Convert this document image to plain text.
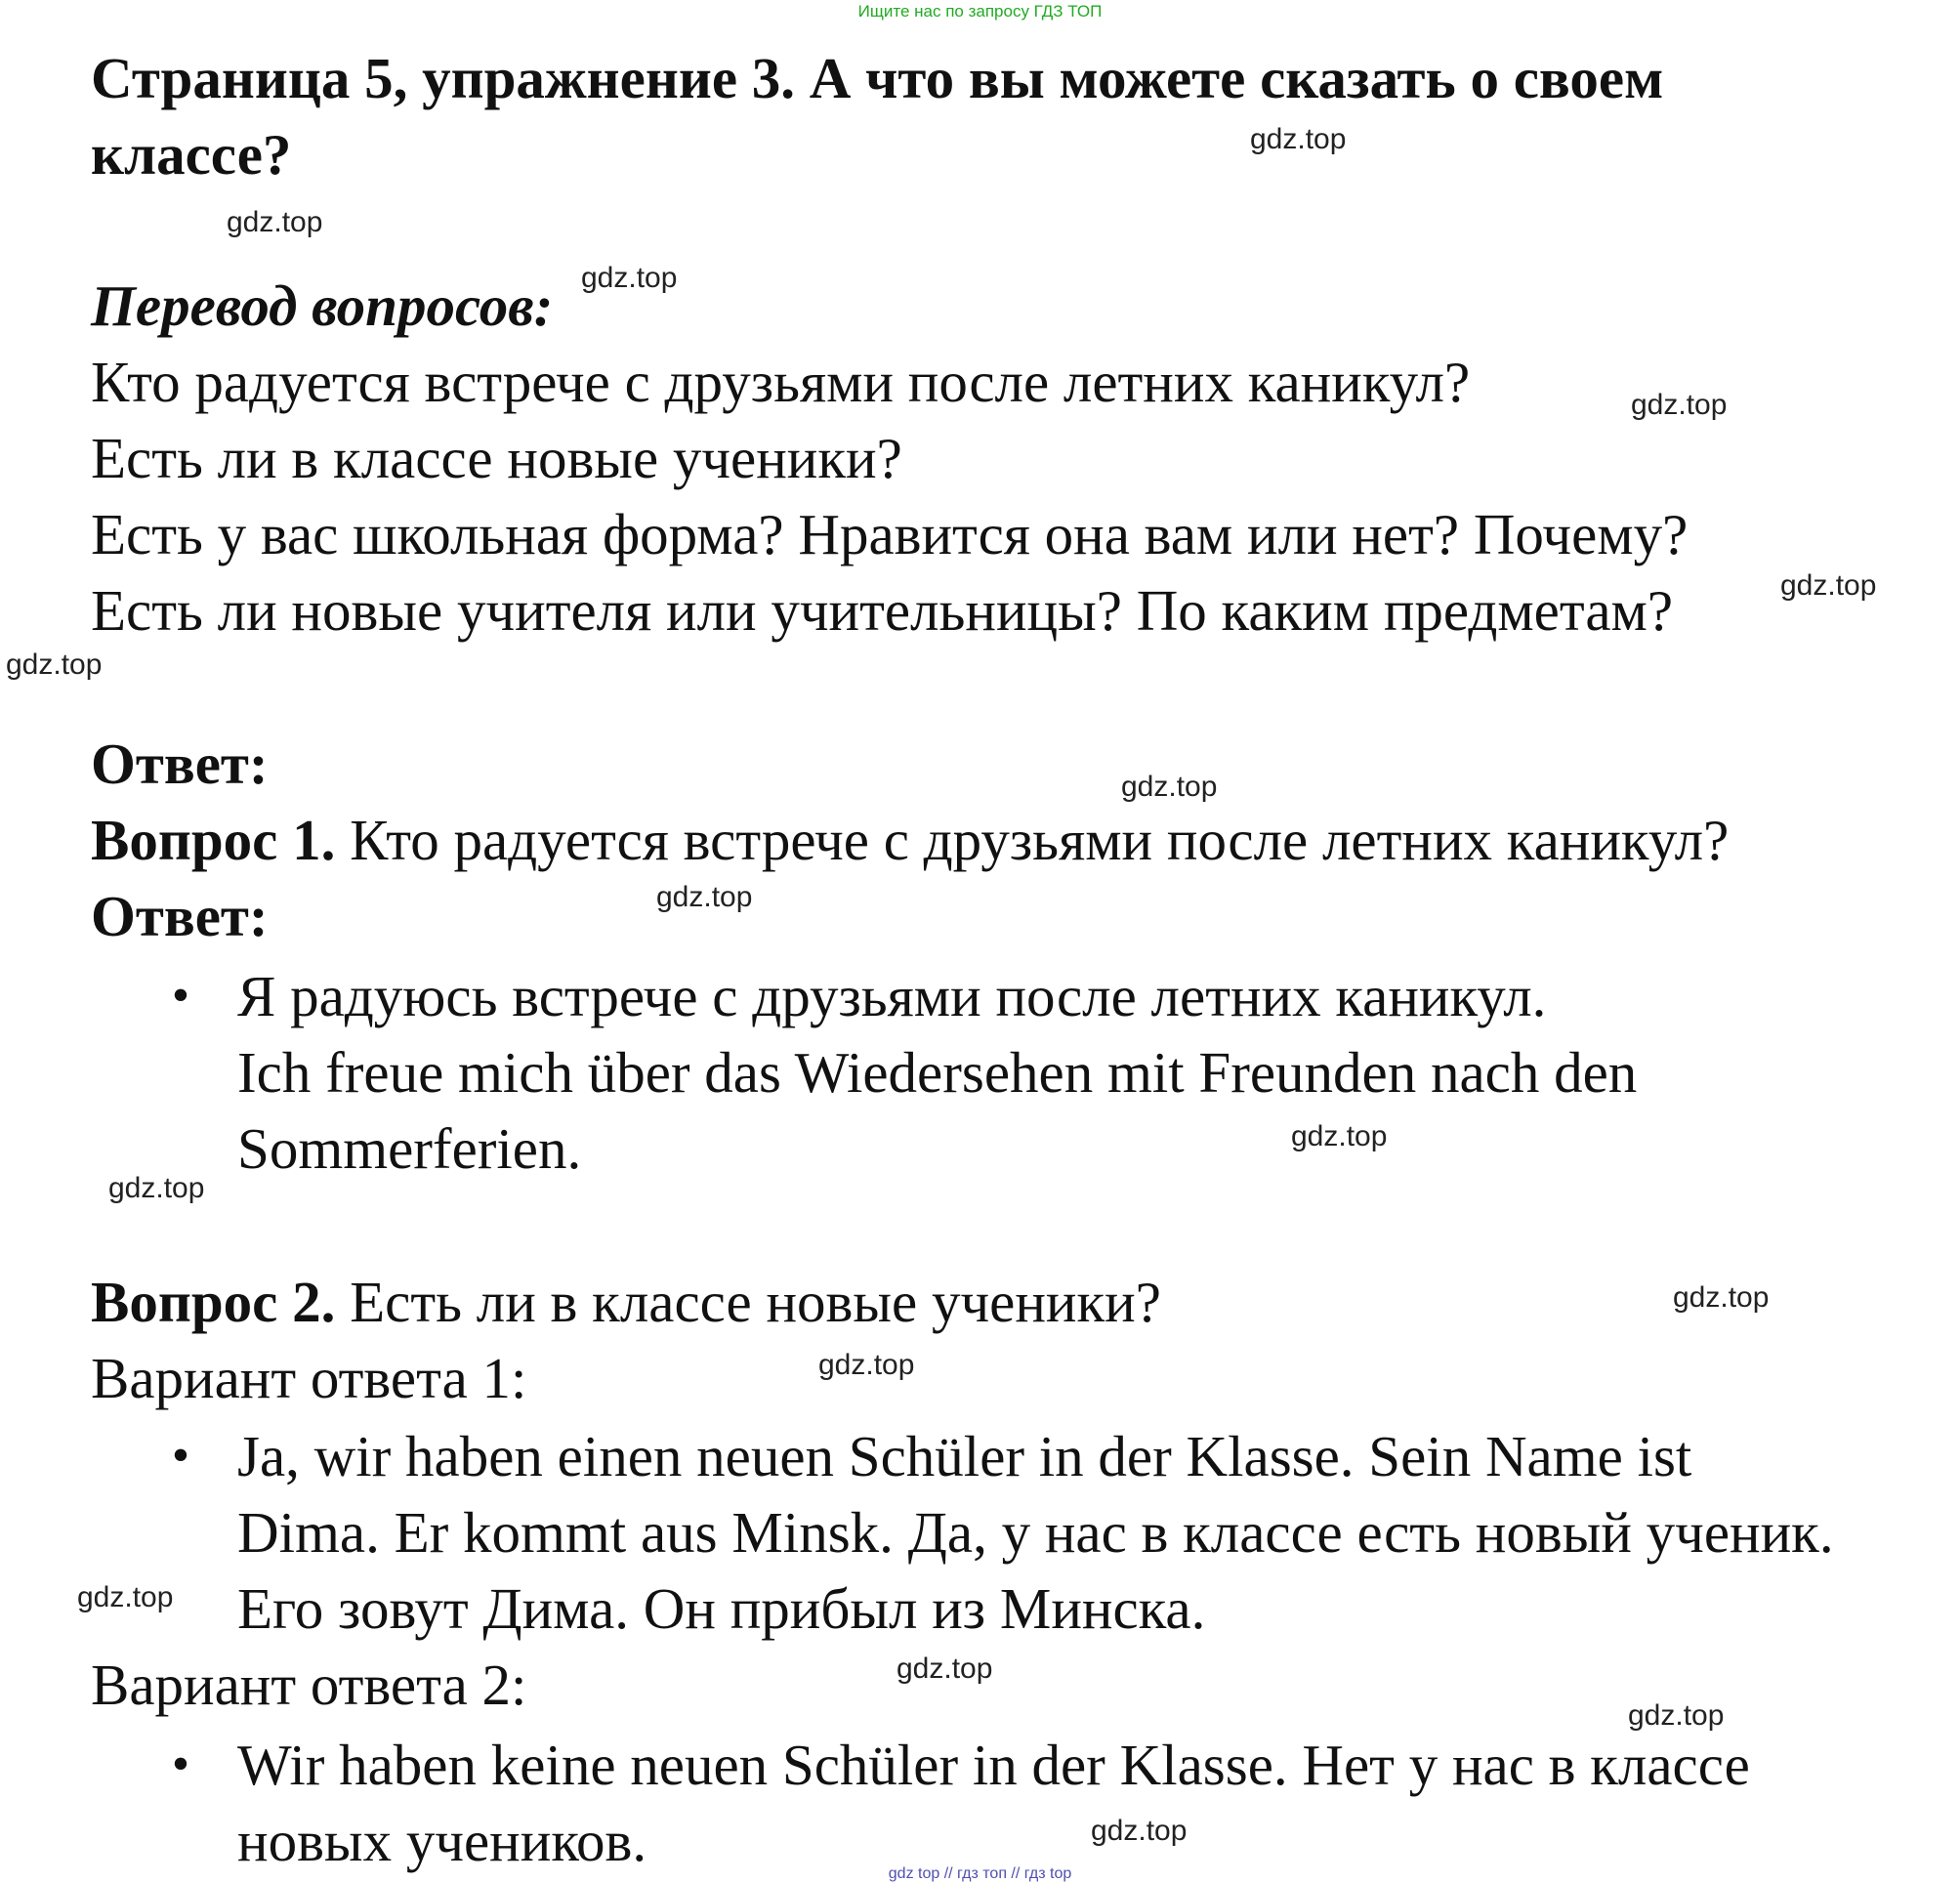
Ищите нас по запросу ГДЗ ТОП
Страница 5, упражнение 3. А что вы можете сказать о своем
классе?
Перевод вопросов:
Кто радуется встрече с друзьями после летних каникул?
Есть ли в классе новые ученики?
Есть у вас школьная форма? Нравится она вам или нет? Почему?
Есть ли новые учителя или учительницы? По каким предметам?
Ответ:
Вопрос 1. Кто радуется встрече с друзьями после летних каникул?
Ответ:
• Я радуюсь встрече с друзьями после летних каникул.
Ich freue mich über das Wiedersehen mit Freunden nach den
Sommerferien.
Вопрос 2. Есть ли в классе новые ученики?
Вариант ответа 1:
• Ja, wir haben einen neuen Schüler in der Klasse. Sein Name ist
Dima. Er kommt aus Minsk. Да, у нас в классе есть новый ученик.
Его зовут Дима. Он прибыл из Минска.
Вариант ответа 2:
• Wir haben keine neuen Schüler in der Klasse. Нет у нас в классе
новых учеников.
gdz.top
gdz.top
gdz.top
gdz.top
gdz.top
gdz.top
gdz.top
gdz.top
gdz.top
gdz.top
gdz.top
gdz.top
gdz.top
gdz.top
gdz.top
gdz.top
gdz top // гдз топ // гдз top
